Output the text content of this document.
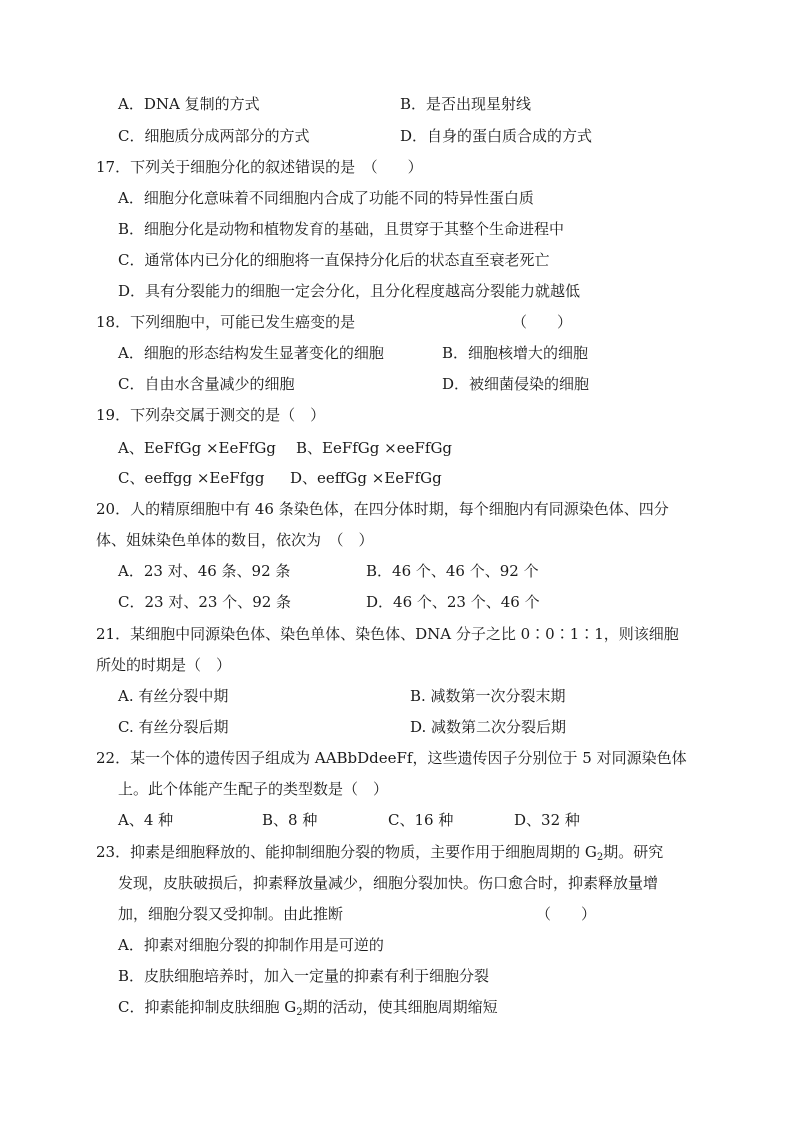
A．DNA 复制的方式	B．是否出现星射线
C．细胞质分成两部分的方式	D．自身的蛋白质合成的方式
17．下列关于细胞分化的叙述错误的是　（　　）
A．细胞分化意味着不同细胞内合成了功能不同的特异性蛋白质
B．细胞分化是动物和植物发育的基础，且贯穿于其整个生命进程中
C．通常体内已分化的细胞将一直保持分化后的状态直至衰老死亡
D．具有分裂能力的细胞一定会分化，且分化程度越高分裂能力就越低
18．下列细胞中，可能已发生癌变的是	（　　）
A．细胞的形态结构发生显著变化的细胞	B．细胞核增大的细胞
C．自由水含量减少的细胞	D．被细菌侵染的细胞
19．下列杂交属于测交的是（　）
A、EeFfGg ×EeFfGg B、EeFfGg ×eeFfGg
C、eeffgg ×EeFfgg D、eeffGg ×EeFfGg
20．人的精原细胞中有 46 条染色体，在四分体时期，每个细胞内有同源染色体、四分
体、姐妹染色单体的数目，依次为　（　）
A．23 对、46 条、92 条	B．46 个、46 个、92 个
C．23 对、23 个、92 条	D．46 个、23 个、46 个
21．某细胞中同源染色体、染色单体、染色体、DNA 分子之比 0∶0∶1∶1，则该细胞
所处的时期是（　）
A. 有丝分裂中期	B. 减数第一次分裂末期
C. 有丝分裂后期	D. 减数第二次分裂后期
22．某一个体的遗传因子组成为 AABbDdeeFf，这些遗传因子分别位于 5 对同源染色体
上。此个体能产生配子的类型数是（　）
A、4 种	B、8 种	C、16 种	D、32 种
23．抑素是细胞释放的、能抑制细胞分裂的物质，主要作用于细胞周期的 $G_2$期。研究
发现，皮肤破损后，抑素释放量减少，细胞分裂加快。伤口愈合时，抑素释放量增
加，细胞分裂又受抑制。由此推断	（　　）
A．抑素对细胞分裂的抑制作用是可逆的
B．皮肤细胞培养时，加入一定量的抑素有利于细胞分裂
C．抑素能抑制皮肤细胞 $G_2$期的活动，使其细胞周期缩短
